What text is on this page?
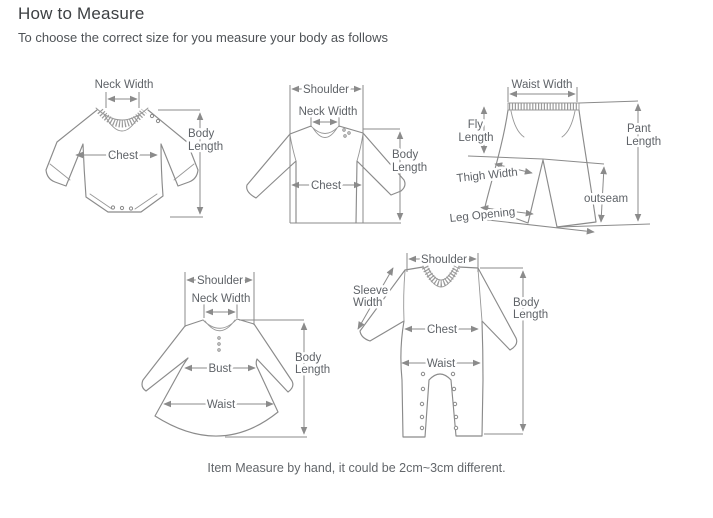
How to Measure

To choose the correct size for you measure your body as follows

Neck Width
Chest
Body Length
Shoulder
Neck Width
Chest
Body Length
Waist Width
Fly Length
Thigh Width
Leg Opening
outseam
Pant Length
Shoulder
Neck Width
Bust
Waist
Body Length
Shoulder
Sleeve Width
Chest
Waist
Body Length

Item Measure by hand, it could be 2cm~3cm different.
